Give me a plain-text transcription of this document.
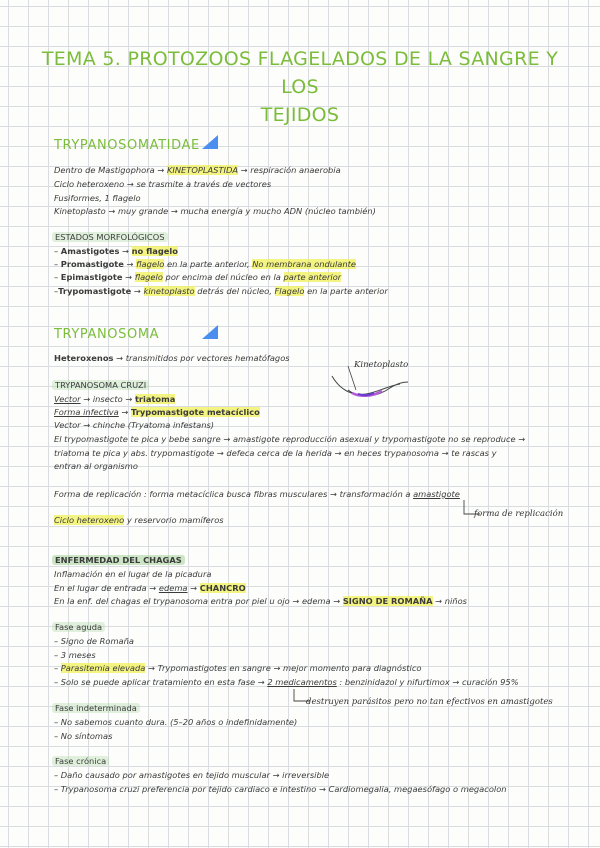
TEMA 5. PROTOZOOS FLAGELADOS DE LA SANGRE Y LOS
TEJIDOS
TRYPANOSOMATIDAE
Dentro de Mastigophora → KINETOPLASTIDA → respiración anaerobia
Ciclo heteroxeno → se trasmite a través de vectores
Fusiformes, 1 flagelo
Kinetoplasto → muy grande → mucha energía y mucho ADN (núcleo también)
ESTADOS MORFOLÓGICOS
– Amastigotes → no flagelo
– Promastigote → flagelo en la parte anterior, No membrana ondulante
– Epimastigote → flagelo por encima del núcleo en la parte anterior
–Trypomastigote → kinetoplasto detrás del núcleo, Flagelo en la parte anterior
TRYPANOSOMA
Heteroxenos → transmitidos por vectores hematófagos
Kinetoplasto
TRYPANOSOMA CRUZI
Vector → insecto → triatoma
Forma infectiva → Trypomastigote metacíclico
Vector → chinche (Tryatoma infestans)
El trypomastigote te pica y bebe sangre → amastigote reproducción asexual y trypomastigote no se reproduce →
triatoma te pica y abs. trypomastigote → defeca cerca de la herida → en heces trypanosoma → te rascas y
entran al organismo
Forma de replicación : forma metacíclica busca fibras musculares → transformación a amastigote
forma de replicación
Ciclo heteroxeno y reservorio mamíferos
ENFERMEDAD DEL CHAGAS
Inflamación en el lugar de la picadura
En el lugar de entrada → edema → CHANCRO
En la enf. del chagas el trypanosoma entra por piel u ojo → edema → SIGNO DE ROMAÑA → niños
Fase aguda
– Signo de Romaña
– 3 meses
– Parasitemia elevada → Trypomastigotes en sangre → mejor momento para diagnóstico
– Solo se puede aplicar tratamiento en esta fase → 2 medicamentos : benzinidazol y nifurtimox → curación 95%
destruyen parásitos pero no tan efectivos en amastigotes
Fase indeterminada
– No sabemos cuanto dura. (5–20 años o indefinidamente)
– No síntomas
Fase crónica
– Daño causado por amastigotes en tejido muscular → irreversible
– Trypanosoma cruzi preferencia por tejido cardiaco e intestino → Cardiomegalia, megaesófago o megacolon
